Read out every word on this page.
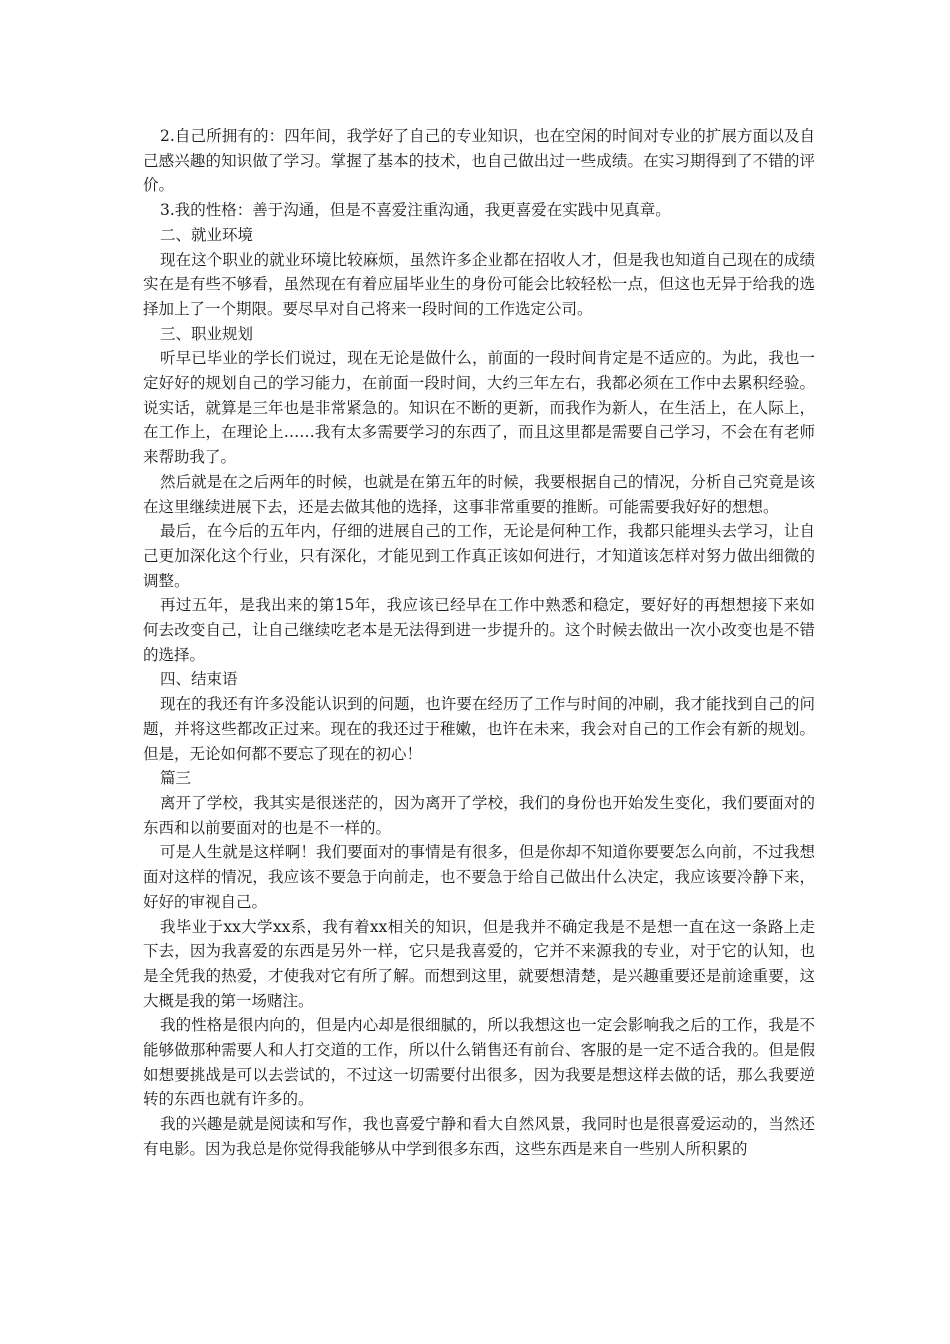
2.自己所拥有的：四年间，我学好了自己的专业知识，也在空闲的时间对专业的扩展方面以及自己感兴趣的知识做了学习。掌握了基本的技术，也自己做出过一些成绩。在实习期得到了不错的评价。

3.我的性格：善于沟通，但是不喜爱注重沟通，我更喜爱在实践中见真章。

二、就业环境

现在这个职业的就业环境比较麻烦，虽然许多企业都在招收人才，但是我也知道自己现在的成绩实在是有些不够看，虽然现在有着应届毕业生的身份可能会比较轻松一点，但这也无异于给我的选择加上了一个期限。要尽早对自己将来一段时间的工作选定公司。

三、职业规划

听早已毕业的学长们说过，现在无论是做什么，前面的一段时间肯定是不适应的。为此，我也一定好好的规划自己的学习能力，在前面一段时间，大约三年左右，我都必须在工作中去累积经验。说实话，就算是三年也是非常紧急的。知识在不断的更新，而我作为新人，在生活上，在人际上，在工作上，在理论上……我有太多需要学习的东西了，而且这里都是需要自己学习，不会在有老师来帮助我了。

然后就是在之后两年的时候，也就是在第五年的时候，我要根据自己的情况，分析自己究竟是该在这里继续进展下去，还是去做其他的选择，这事非常重要的推断。可能需要我好好的想想。

最后，在今后的五年内，仔细的进展自己的工作，无论是何种工作，我都只能埋头去学习，让自己更加深化这个行业，只有深化，才能见到工作真正该如何进行，才知道该怎样对努力做出细微的调整。

再过五年，是我出来的第15年，我应该已经早在工作中熟悉和稳定，要好好的再想想接下来如何去改变自己，让自己继续吃老本是无法得到进一步提升的。这个时候去做出一次小改变也是不错的选择。

四、结束语

现在的我还有许多没能认识到的问题，也许要在经历了工作与时间的冲刷，我才能找到自己的问题，并将这些都改正过来。现在的我还过于稚嫩，也许在未来，我会对自己的工作会有新的规划。但是，无论如何都不要忘了现在的初心！

篇三

离开了学校，我其实是很迷茫的，因为离开了学校，我们的身份也开始发生变化，我们要面对的东西和以前要面对的也是不一样的。

可是人生就是这样啊！我们要面对的事情是有很多，但是你却不知道你要要怎么向前，不过我想面对这样的情况，我应该不要急于向前走，也不要急于给自己做出什么决定，我应该要冷静下来，好好的审视自己。

我毕业于xx大学xx系，我有着xx相关的知识，但是我并不确定我是不是想一直在这一条路上走下去，因为我喜爱的东西是另外一样，它只是我喜爱的，它并不来源我的专业，对于它的认知，也是全凭我的热爱，才使我对它有所了解。而想到这里，就要想清楚，是兴趣重要还是前途重要，这大概是我的第一场赌注。

我的性格是很内向的，但是内心却是很细腻的，所以我想这也一定会影响我之后的工作，我是不能够做那种需要人和人打交道的工作，所以什么销售还有前台、客服的是一定不适合我的。但是假如想要挑战是可以去尝试的，不过这一切需要付出很多，因为我要是想这样去做的话，那么我要逆转的东西也就有许多的。

我的兴趣是就是阅读和写作，我也喜爱宁静和看大自然风景，我同时也是很喜爱运动的，当然还有电影。因为我总是你觉得我能够从中学到很多东西，这些东西是来自一些别人所积累的
